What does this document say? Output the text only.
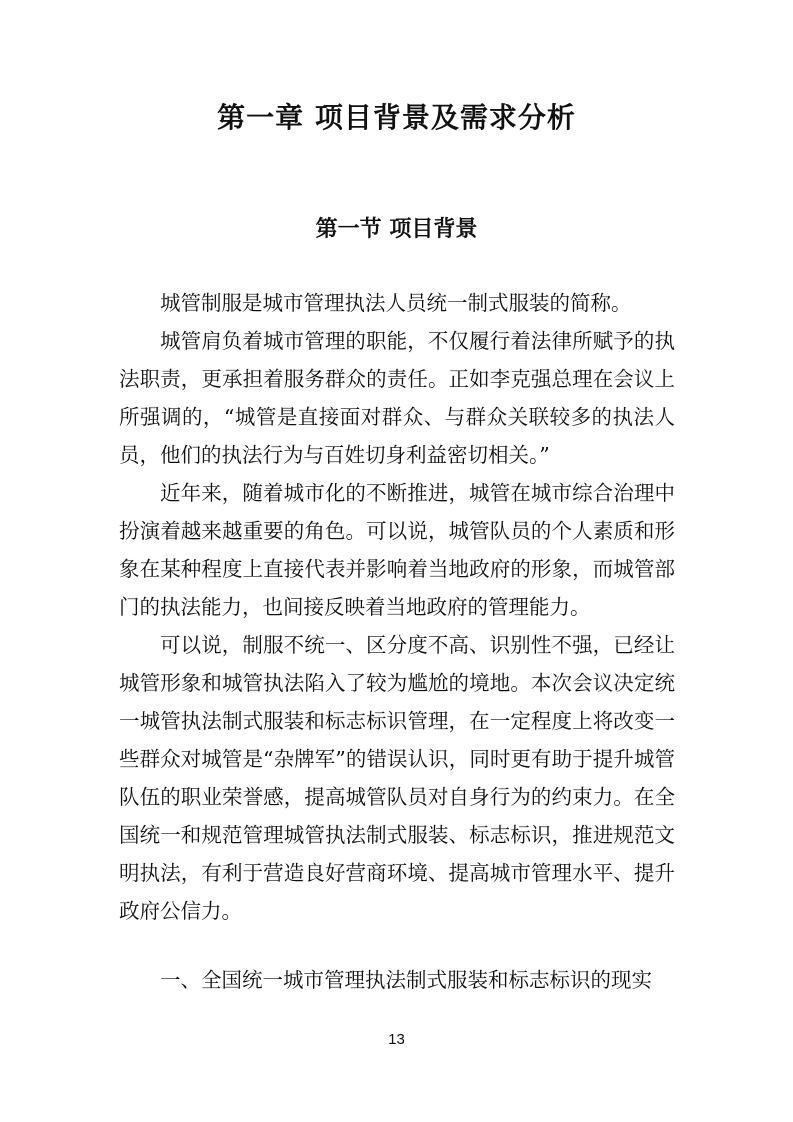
第一章 项目背景及需求分析
第一节 项目背景

城管制服是城市管理执法人员统一制式服装的简称。

城管肩负着城市管理的职能，不仅履行着法律所赋予的执法职责，更承担着服务群众的责任。正如李克强总理在会议上所强调的，“城管是直接面对群众、与群众关联较多的执法人员，他们的执法行为与百姓切身利益密切相关。”

近年来，随着城市化的不断推进，城管在城市综合治理中扮演着越来越重要的角色。可以说，城管队员的个人素质和形象在某种程度上直接代表并影响着当地政府的形象，而城管部门的执法能力，也间接反映着当地政府的管理能力。

可以说，制服不统一、区分度不高、识别性不强，已经让城管形象和城管执法陷入了较为尴尬的境地。本次会议决定统一城管执法制式服装和标志标识管理，在一定程度上将改变一些群众对城管是“杂牌军”的错误认识，同时更有助于提升城管队伍的职业荣誉感，提高城管队员对自身行为的约束力。在全国统一和规范管理城管执法制式服装、标志标识，推进规范文明执法，有利于营造良好营商环境、提高城市管理水平、提升政府公信力。

一、全国统一城市管理执法制式服装和标志标识的现实

13
